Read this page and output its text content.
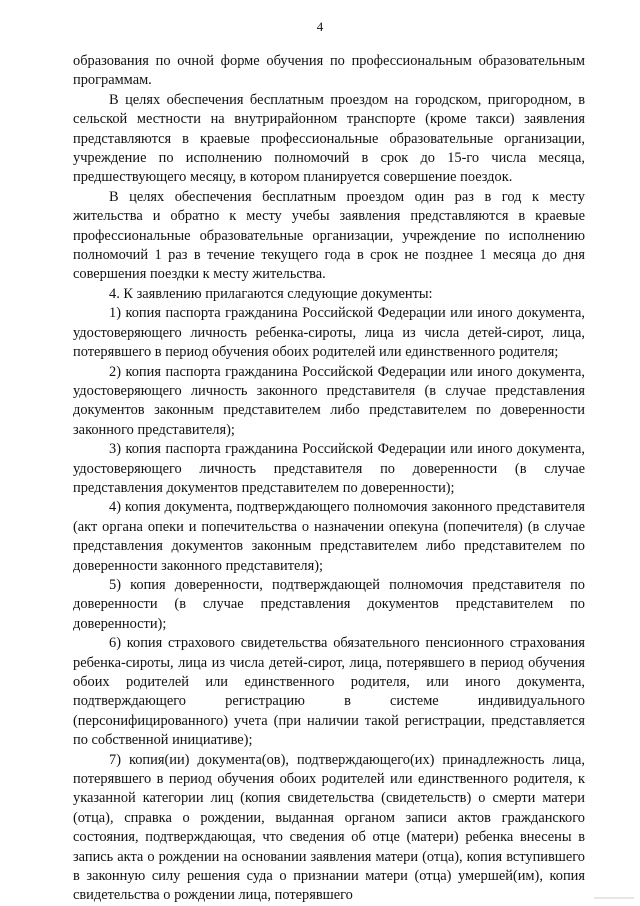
4

образования по очной форме обучения по профессиональным образовательным программам.

В целях обеспечения бесплатным проездом на городском, пригородном, в сельской местности на внутрирайонном транспорте (кроме такси) заявления представляются в краевые профессиональные образовательные организации, учреждение по исполнению полномочий в срок до 15-го числа месяца, предшествующего месяцу, в котором планируется совершение поездок.

В целях обеспечения бесплатным проездом один раз в год к месту жительства и обратно к месту учебы заявления представляются в краевые профессиональные образовательные организации, учреждение по исполнению полномочий 1 раз в течение текущего года в срок не позднее 1 месяца до дня совершения поездки к месту жительства.

4. К заявлению прилагаются следующие документы:

1) копия паспорта гражданина Российской Федерации или иного документа, удостоверяющего личность ребенка-сироты, лица из числа детей-сирот, лица, потерявшего в период обучения обоих родителей или единственного родителя;

2) копия паспорта гражданина Российской Федерации или иного документа, удостоверяющего личность законного представителя (в случае представления документов законным представителем либо представителем по доверенности законного представителя);

3) копия паспорта гражданина Российской Федерации или иного документа, удостоверяющего личность представителя по доверенности (в случае представления документов представителем по доверенности);

4) копия документа, подтверждающего полномочия законного представителя (акт органа опеки и попечительства о назначении опекуна (попечителя) (в случае представления документов законным представителем либо представителем по доверенности законного представителя);

5) копия доверенности, подтверждающей полномочия представителя по доверенности (в случае представления документов представителем по доверенности);

6) копия страхового свидетельства обязательного пенсионного страхования ребенка-сироты, лица из числа детей-сирот, лица, потерявшего в период обучения обоих родителей или единственного родителя, или иного документа, подтверждающего регистрацию в системе индивидуального (персонифицированного) учета (при наличии такой регистрации, представляется по собственной инициативе);

7) копия(ии) документа(ов), подтверждающего(их) принадлежность лица, потерявшего в период обучения обоих родителей или единственного родителя, к указанной категории лиц (копия свидетельства (свидетельств) о смерти матери (отца), справка о рождении, выданная органом записи актов гражданского состояния, подтверждающая, что сведения об отце (матери) ребенка внесены в запись акта о рождении на основании заявления матери (отца), копия вступившего в законную силу решения суда о признании матери (отца) умершей(им), копия свидетельства о рождении лица, потерявшего
